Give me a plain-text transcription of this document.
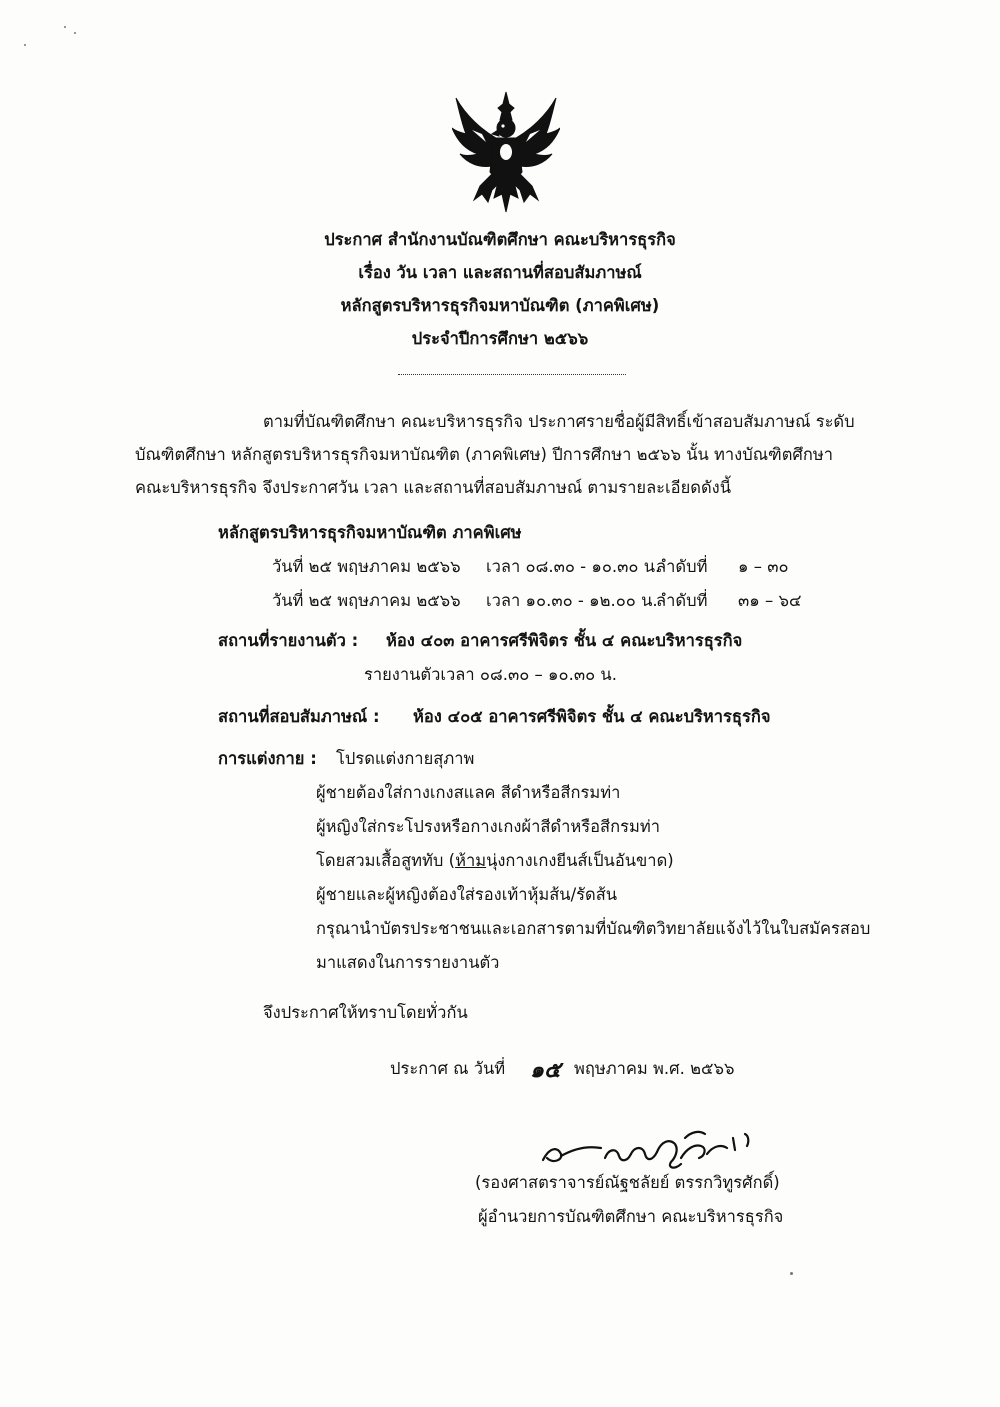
ประกาศ สำนักงานบัณฑิตศึกษา คณะบริหารธุรกิจ
เรื่อง วัน เวลา และสถานที่สอบสัมภาษณ์
หลักสูตรบริหารธุรกิจมหาบัณฑิต (ภาคพิเศษ)
ประจำปีการศึกษา ๒๕๖๖
ตามที่บัณฑิตศึกษา คณะบริหารธุรกิจ ประกาศรายชื่อผู้มีสิทธิ์เข้าสอบสัมภาษณ์ ระดับ
บัณฑิตศึกษา หลักสูตรบริหารธุรกิจมหาบัณฑิต (ภาคพิเศษ) ปีการศึกษา ๒๕๖๖ นั้น ทางบัณฑิตศึกษา
คณะบริหารธุรกิจ จึงประกาศวัน เวลา และสถานที่สอบสัมภาษณ์ ตามรายละเอียดดังนี้
หลักสูตรบริหารธุรกิจมหาบัณฑิต ภาคพิเศษ
วันที่ ๒๕ พฤษภาคม ๒๕๖๖ เวลา ๐๘.๓๐ - ๑๐.๓๐ น.
ลำดับที่ ๑ – ๓๐
วันที่ ๒๕ พฤษภาคม ๒๕๖๖ เวลา ๑๐.๓๐ - ๑๒.๐๐ น.
ลำดับที่ ๓๑ – ๖๔
สถานที่รายงานตัว : ห้อง ๔๐๓ อาคารศรีพิจิตร ชั้น ๔ คณะบริหารธุรกิจ
รายงานตัวเวลา ๐๘.๓๐ – ๑๐.๓๐ น.
สถานที่สอบสัมภาษณ์ : ห้อง ๔๐๕ อาคารศรีพิจิตร ชั้น ๔ คณะบริหารธุรกิจ
การแต่งกาย : โปรดแต่งกายสุภาพ
ผู้ชายต้องใส่กางเกงสแลค สีดำหรือสีกรมท่า
ผู้หญิงใส่กระโปรงหรือกางเกงผ้าสีดำหรือสีกรมท่า
โดยสวมเสื้อสูททับ (ห้ามนุ่งกางเกงยีนส์เป็นอันขาด)
ผู้ชายและผู้หญิงต้องใส่รองเท้าหุ้มส้น/รัดส้น
กรุณานำบัตรประชาชนและเอกสารตามที่บัณฑิตวิทยาลัยแจ้งไว้ในใบสมัครสอบ
มาแสดงในการรายงานตัว
จึงประกาศให้ทราบโดยทั่วกัน
ประกาศ ณ วันที่ ๑๕ พฤษภาคม พ.ศ. ๒๕๖๖
(รองศาสตราจารย์ณัฐชลัยย์ ตรรกวิทูรศักดิ์)
ผู้อำนวยการบัณฑิตศึกษา คณะบริหารธุรกิจ
